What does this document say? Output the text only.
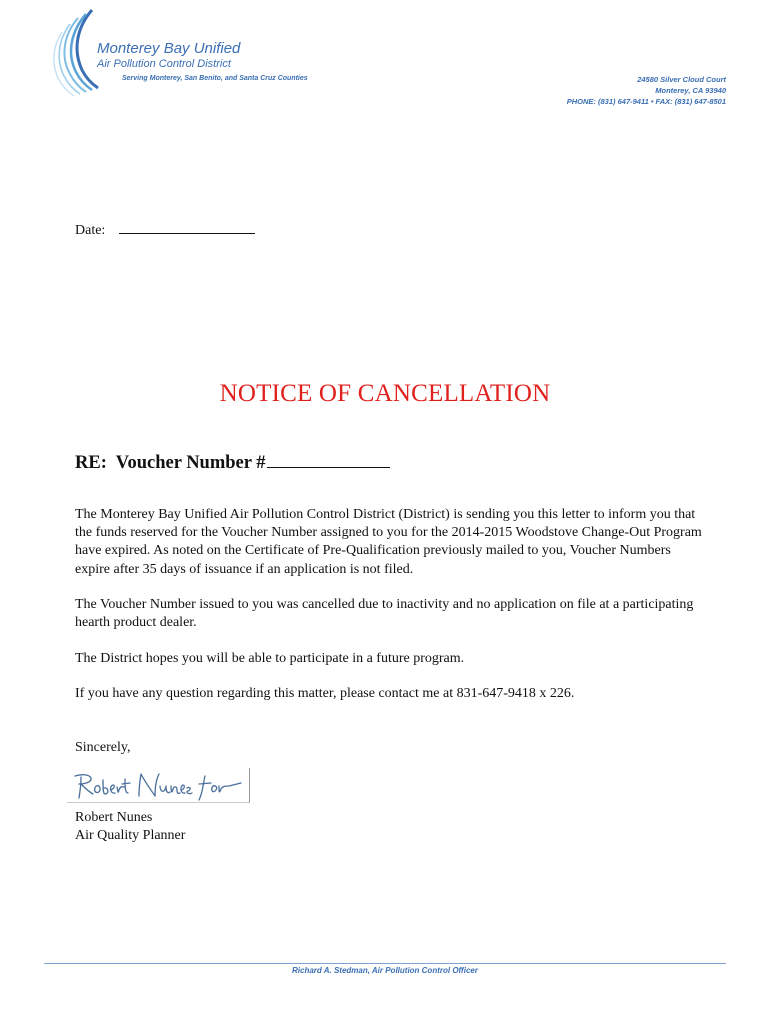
Monterey Bay Unified
Air Pollution Control District
Serving Monterey, San Benito, and Santa Cruz Counties	24580 Silver Cloud Court
Monterey, CA 93940
PHONE: (831) 647-9411 • FAX: (831) 647-8501
Date:
NOTICE OF CANCELLATION
RE:  Voucher Number #
The Monterey Bay Unified Air Pollution Control District (District) is sending you this letter to inform you that the funds reserved for the Voucher Number assigned to you for the 2014-2015 Woodstove Change-Out Program have expired. As noted on the Certificate of Pre-Qualification previously mailed to you, Voucher Numbers expire after 35 days of issuance if an application is not filed.
The Voucher Number issued to you was cancelled due to inactivity and no application on file at a participating hearth product dealer.
The District hopes you will be able to participate in a future program.
If you have any question regarding this matter, please contact me at 831-647-9418 x 226.
Sincerely,
Robert Nunes
Air Quality Planner
Richard A. Stedman, Air Pollution Control Officer
